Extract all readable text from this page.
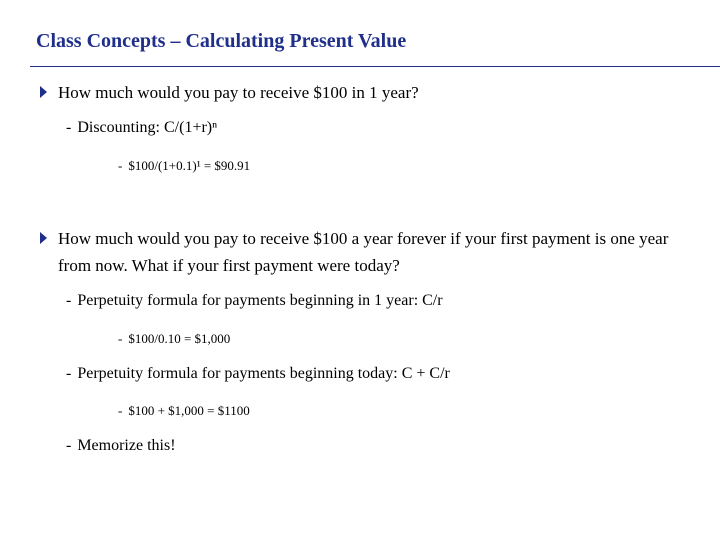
Class Concepts – Calculating Present Value
How much would you pay to receive $100 in 1 year?
- Discounting: C/(1+r)ⁿ
- $100/(1+0.1)¹ = $90.91
How much would you pay to receive $100 a year forever if your first payment is one year from now. What if your first payment were today?
- Perpetuity formula for payments beginning in 1 year: C/r
- $100/0.10 = $1,000
- Perpetuity formula for payments beginning today: C + C/r
- $100 + $1,000 = $1100
- Memorize this!
